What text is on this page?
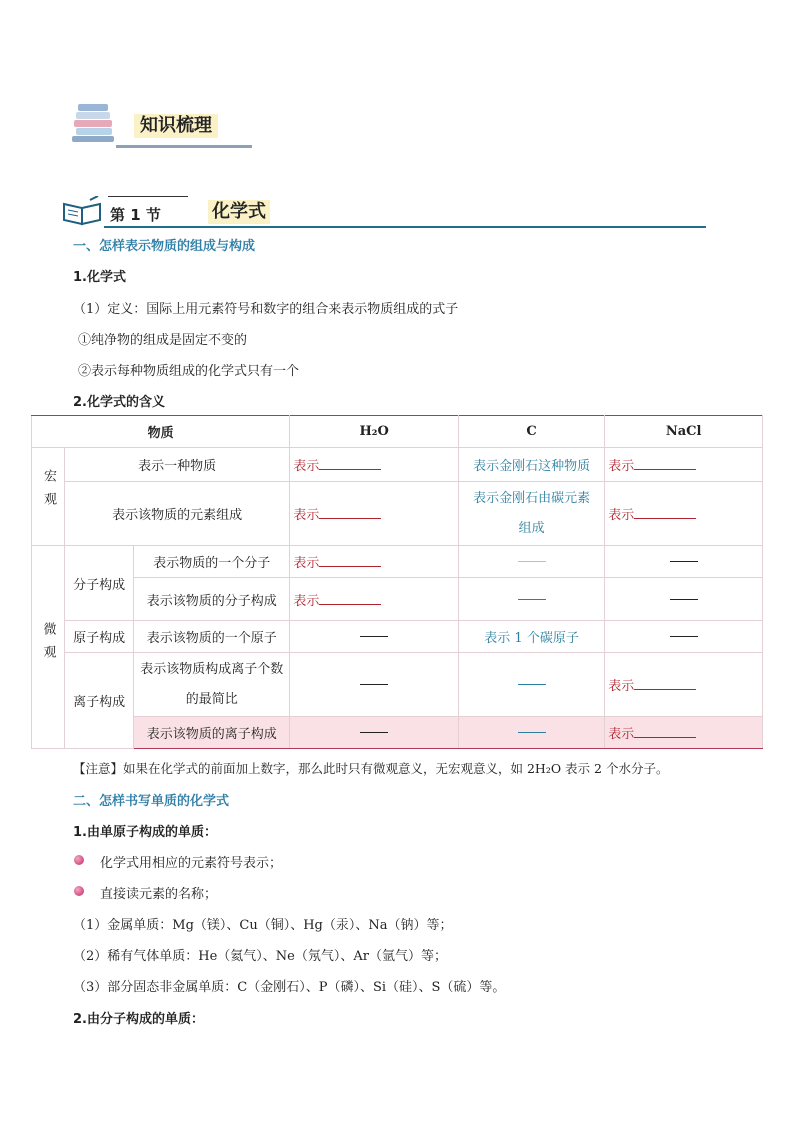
知识梳理
第 1 节	化学式
一、怎样表示物质的组成与构成
1.化学式
（1）定义：国际上用元素符号和数字的组合来表示物质组成的式子
①纯净物的组成是固定不变的
②表示每种物质组成的化学式只有一个
2.化学式的含义
物质			H₂O	C	NaCl
宏观	表示一种物质		表示	表示金刚石这种物质	表示
	表示该物质的元素组成		表示	表示金刚石由碳元素组成	表示
微观	分子构成	表示物质的一个分子	表示		
		表示该物质的分子构成	表示		
	原子构成	表示该物质的一个原子		表示 1 个碳原子	
	离子构成	表示该物质构成离子个数的最简比			表示
		表示该物质的离子构成			表示
【注意】如果在化学式的前面加上数字，那么此时只有微观意义，无宏观意义，如 2H₂O 表示 2 个水分子。
二、怎样书写单质的化学式
1.由单原子构成的单质：
化学式用相应的元素符号表示；
直接读元素的名称；
（1）金属单质：Mg（镁）、Cu（铜）、Hg（汞）、Na（钠）等；
（2）稀有气体单质：He（氦气）、Ne（氖气）、Ar（氩气）等；
（3）部分固态非金属单质：C（金刚石）、P（磷）、Si（硅）、S（硫）等。
2.由分子构成的单质：
